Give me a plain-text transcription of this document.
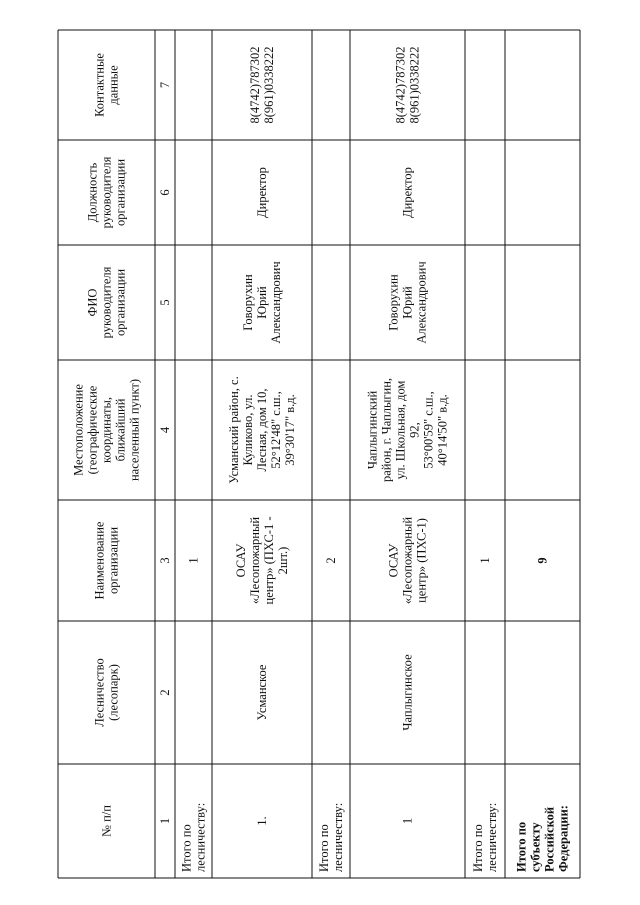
№ п/п
Лесничество (лесопарк)
Наименование организации
Местоположение (географические координаты, ближайший населенный пункт)
ФИО руководителя организации
Должность руководителя организации
Контактные данные
1
2
3
4
5
6
7
Итого по лесничеству:
1
1.
Усманское
ОСАУ «Лесопожарный центр» (ПХС-1 - 2шт.)
Усманский район, с. Куликово, ул. Лесная, дом 10, 52°12'48" с.ш., 39°30'17" в.д.
Говорухин Юрий Александрович
Директор
8(4742)787302 8(961)0338222
Итого по лесничеству:
2
1
Чаплыгинское
ОСАУ «Лесопожарный центр» (ПХС-1)
Чаплыгинский район, г. Чаплыгин, ул. Школьная, дом 92, 53°00'59" с.ш., 40°14'50" в.д.
Говорухин Юрий Александрович
Директор
8(4742)787302 8(961)0338222
Итого по лесничеству:
1
Итого по субъекту Российской Федерации:
9
